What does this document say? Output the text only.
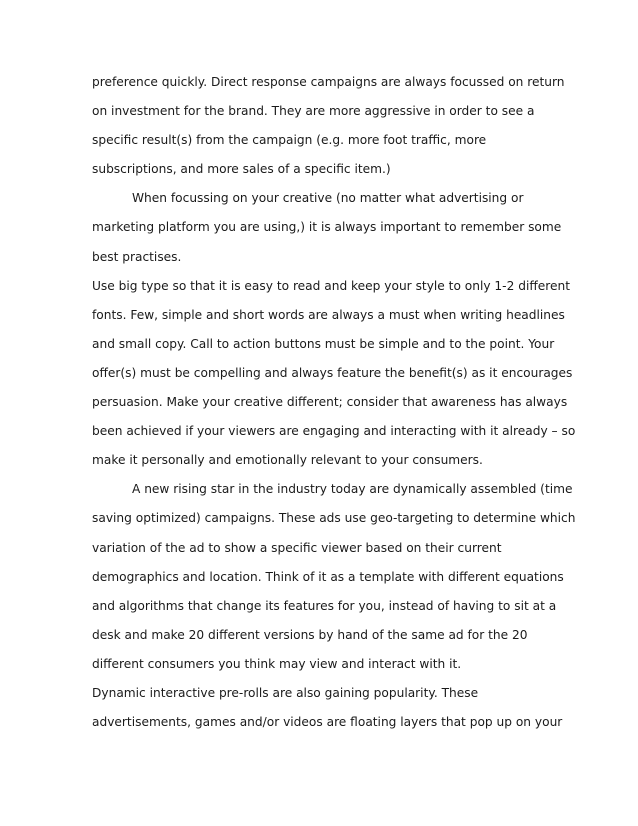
preference quickly. Direct response campaigns are always focussed on return
on investment for the brand. They are more aggressive in order to see a
specific result(s) from the campaign (e.g. more foot traffic, more
subscriptions, and more sales of a specific item.)
When focussing on your creative (no matter what advertising or
marketing platform you are using,) it is always important to remember some
best practises.
Use big type so that it is easy to read and keep your style to only 1-2 different
fonts. Few, simple and short words are always a must when writing headlines
and small copy. Call to action buttons must be simple and to the point. Your
offer(s) must be compelling and always feature the benefit(s) as it encourages
persuasion. Make your creative different; consider that awareness has always
been achieved if your viewers are engaging and interacting with it already – so
make it personally and emotionally relevant to your consumers.
A new rising star in the industry today are dynamically assembled (time
saving optimized) campaigns. These ads use geo-targeting to determine which
variation of the ad to show a specific viewer based on their current
demographics and location. Think of it as a template with different equations
and algorithms that change its features for you, instead of having to sit at a
desk and make 20 different versions by hand of the same ad for the 20
different consumers you think may view and interact with it.
Dynamic interactive pre-rolls are also gaining popularity. These
advertisements, games and/or videos are floating layers that pop up on your
